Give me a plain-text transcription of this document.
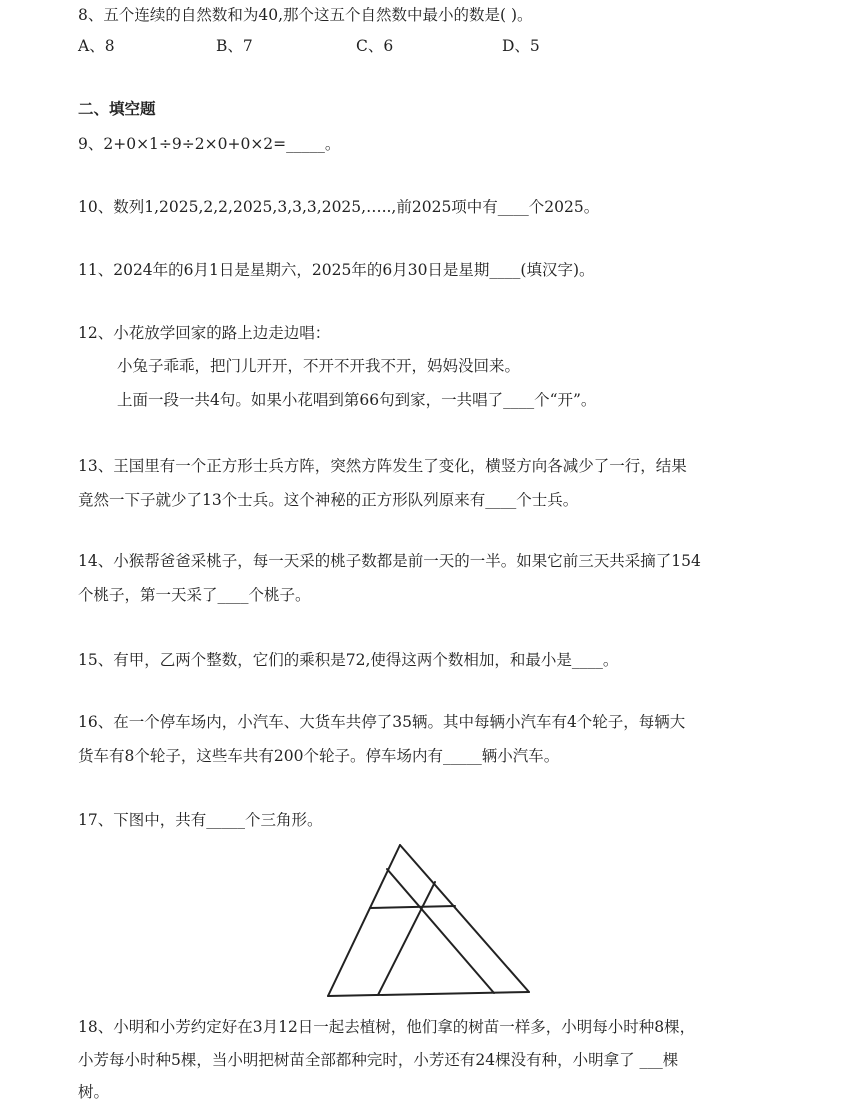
8、五个连续的自然数和为40,那个这五个自然数中最小的数是( )。
A、8	B、7	C、6	D、5
二、填空题
9、2+0×1÷9÷2×0+0×2=_____。
10、数列1,2025,2,2,2025,3,3,3,2025,…..,前2025项中有____个2025。
11、2024年的6月1日是星期六，2025年的6月30日是星期____(填汉字)。
12、小花放学回家的路上边走边唱：
小兔子乖乖，把门儿开开，不开不开我不开，妈妈没回来。
上面一段一共4句。如果小花唱到第66句到家，一共唱了____个“开”。
13、王国里有一个正方形士兵方阵，突然方阵发生了变化，横竖方向各减少了一行，结果
竟然一下子就少了13个士兵。这个神秘的正方形队列原来有____个士兵。
14、小猴帮爸爸采桃子，每一天采的桃子数都是前一天的一半。如果它前三天共采摘了154
个桃子，第一天采了____个桃子。
15、有甲，乙两个整数，它们的乘积是72,使得这两个数相加，和最小是____。
16、在一个停车场内，小汽车、大货车共停了35辆。其中每辆小汽车有4个轮子，每辆大
货车有8个轮子，这些车共有200个轮子。停车场内有_____辆小汽车。
17、下图中，共有_____个三角形。
18、小明和小芳约定好在3月12日一起去植树，他们拿的树苗一样多，小明每小时种8棵，
小芳每小时种5棵，当小明把树苗全部都种完时，小芳还有24棵没有种，小明拿了 ___棵
树。
